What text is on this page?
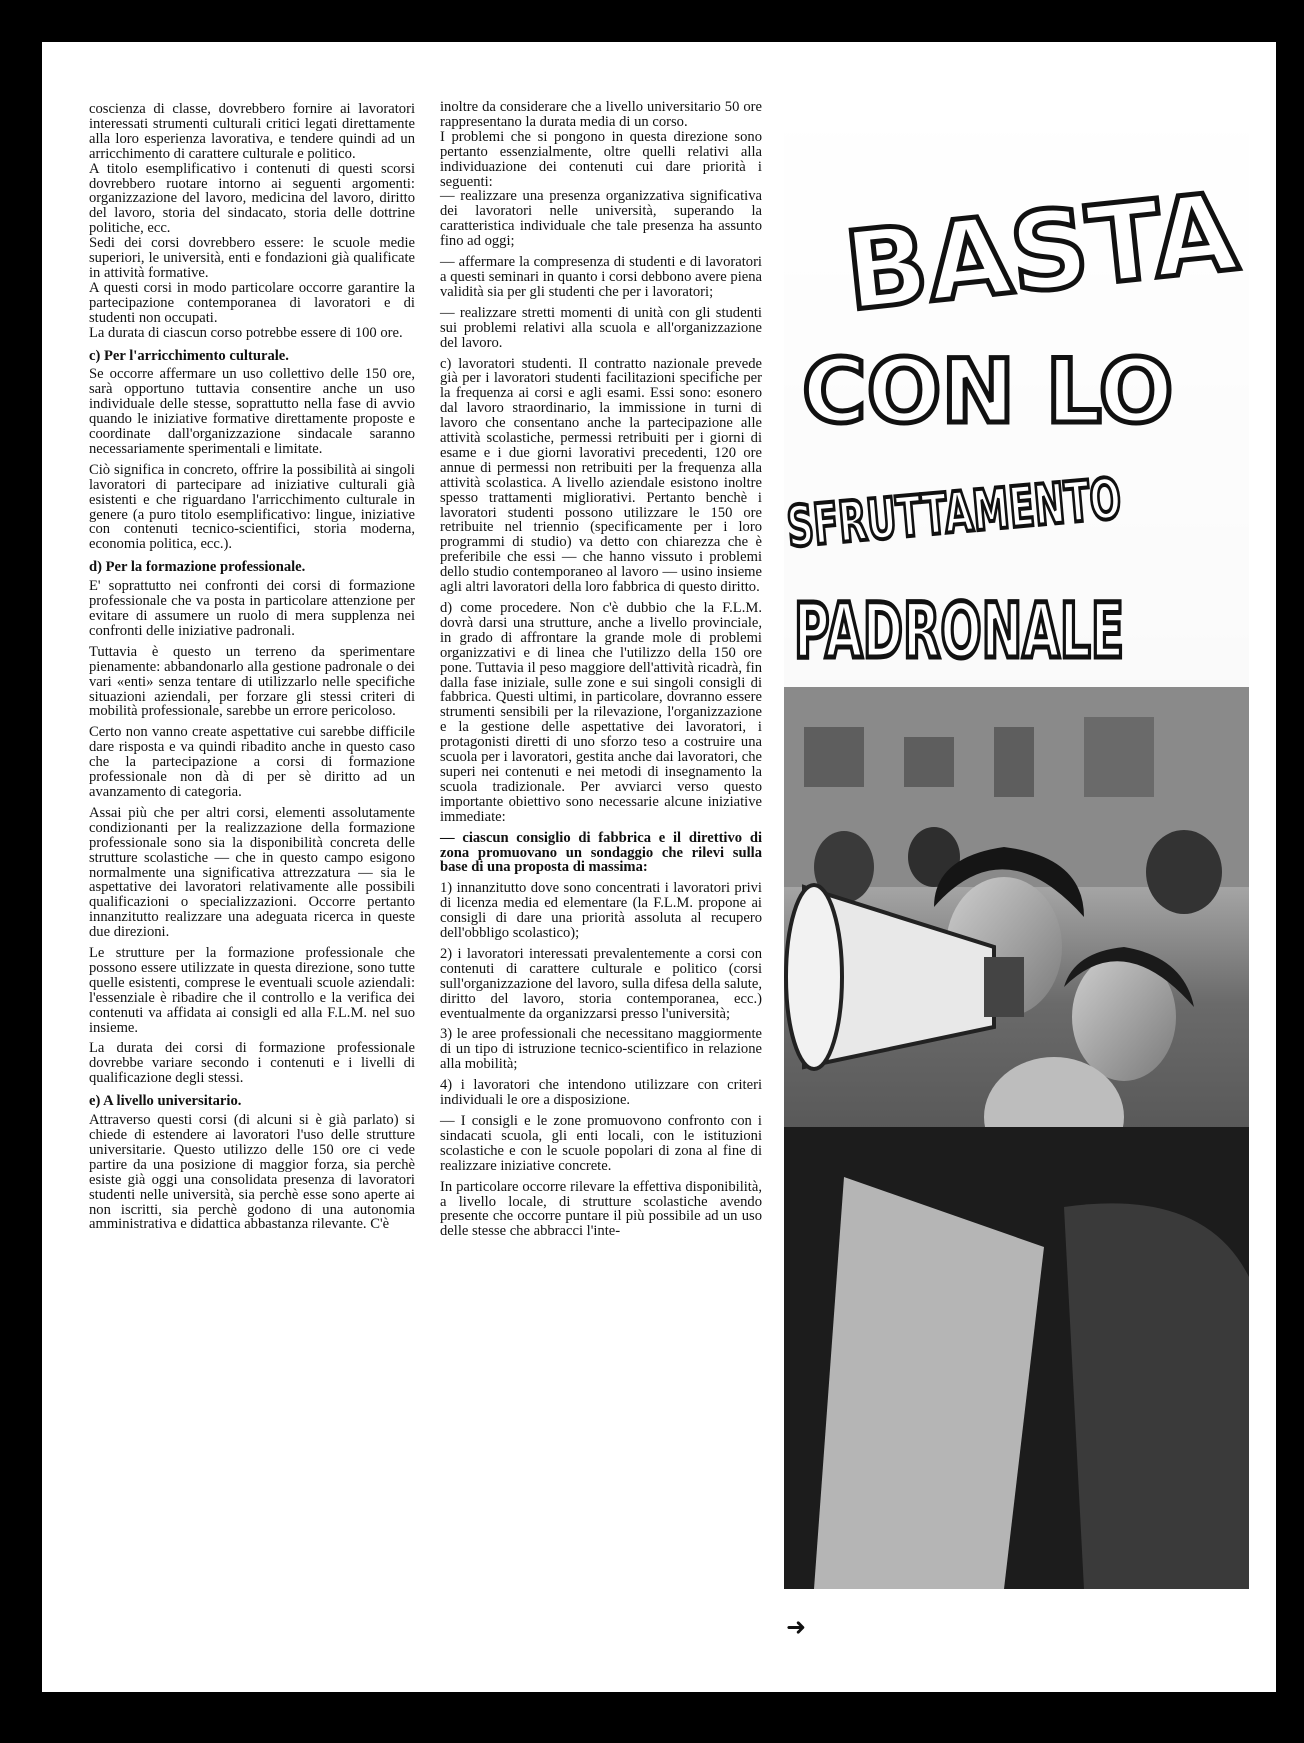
coscienza di classe, dovrebbero fornire ai lavoratori interessati strumenti culturali critici legati direttamente alla loro esperienza lavorativa, e tendere quindi ad un arricchimento di carattere culturale e politico.

A titolo esemplificativo i contenuti di questi scorsi dovrebbero ruotare intorno ai seguenti argomenti: organizzazione del lavoro, medicina del lavoro, diritto del lavoro, storia del sindacato, storia delle dottrine politiche, ecc.

Sedi dei corsi dovrebbero essere: le scuole medie superiori, le università, enti e fondazioni già qualificate in attività formative.

A questi corsi in modo particolare occorre garantire la partecipazione contemporanea di lavoratori e di studenti non occupati.

La durata di ciascun corso potrebbe essere di 100 ore.

c) Per l'arricchimento culturale.

Se occorre affermare un uso collettivo delle 150 ore, sarà opportuno tuttavia consentire anche un uso individuale delle stesse, soprattutto nella fase di avvio quando le iniziative formative direttamente proposte e coordinate dall'organizzazione sindacale saranno necessariamente sperimentali e limitate.

Ciò significa in concreto, offrire la possibilità ai singoli lavoratori di partecipare ad iniziative culturali già esistenti e che riguardano l'arricchimento culturale in genere (a puro titolo esemplificativo: lingue, iniziative con contenuti tecnico-scientifici, storia moderna, economia politica, ecc.).

d) Per la formazione professionale.

E' soprattutto nei confronti dei corsi di formazione professionale che va posta in particolare attenzione per evitare di assumere un ruolo di mera supplenza nei confronti delle iniziative padronali.

Tuttavia è questo un terreno da sperimentare pienamente: abbandonarlo alla gestione padronale o dei vari «enti» senza tentare di utilizzarlo nelle specifiche situazioni aziendali, per forzare gli stessi criteri di mobilità professionale, sarebbe un errore pericoloso.

Certo non vanno create aspettative cui sarebbe difficile dare risposta e va quindi ribadito anche in questo caso che la partecipazione a corsi di formazione professionale non dà di per sè diritto ad un avanzamento di categoria.

Assai più che per altri corsi, elementi assolutamente condizionanti per la realizzazione della formazione professionale sono sia la disponibilità concreta delle strutture scolastiche — che in questo campo esigono normalmente una significativa attrezzatura — sia le aspettative dei lavoratori relativamente alle possibili qualificazioni o specializzazioni. Occorre pertanto innanzitutto realizzare una adeguata ricerca in queste due direzioni.

Le strutture per la formazione professionale che possono essere utilizzate in questa direzione, sono tutte quelle esistenti, comprese le eventuali scuole aziendali: l'essenziale è ribadire che il controllo e la verifica dei contenuti va affidata ai consigli ed alla F.L.M. nel suo insieme.

La durata dei corsi di formazione professionale dovrebbe variare secondo i contenuti e i livelli di qualificazione degli stessi.

e) A livello universitario.

Attraverso questi corsi (di alcuni si è già parlato) si chiede di estendere ai lavoratori l'uso delle strutture universitarie. Questo utilizzo delle 150 ore ci vede partire da una posizione di maggior forza, sia perchè esiste già oggi una consolidata presenza di lavoratori studenti nelle università, sia perchè esse sono aperte ai non iscritti, sia perchè godono di una autonomia amministrativa e didattica abbastanza rilevante. C'è

inoltre da considerare che a livello universitario 50 ore rappresentano la durata media di un corso.

I problemi che si pongono in questa direzione sono pertanto essenzialmente, oltre quelli relativi alla individuazione dei contenuti cui dare priorità i seguenti:

— realizzare una presenza organizzativa significativa dei lavoratori nelle università, superando la caratteristica individuale che tale presenza ha assunto fino ad oggi;

— affermare la compresenza di studenti e di lavoratori a questi seminari in quanto i corsi debbono avere piena validità sia per gli studenti che per i lavoratori;

— realizzare stretti momenti di unità con gli studenti sui problemi relativi alla scuola e all'organizzazione del lavoro.

c) lavoratori studenti. Il contratto nazionale prevede già per i lavoratori studenti facilitazioni specifiche per la frequenza ai corsi e agli esami. Essi sono: esonero dal lavoro straordinario, la immissione in turni di lavoro che consentano anche la partecipazione alle attività scolastiche, permessi retribuiti per i giorni di esame e i due giorni lavorativi precedenti, 120 ore annue di permessi non retribuiti per la frequenza alla attività scolastica. A livello aziendale esistono inoltre spesso trattamenti migliorativi. Pertanto benchè i lavoratori studenti possono utilizzare le 150 ore retribuite nel triennio (specificamente per i loro programmi di studio) va detto con chiarezza che è preferibile che essi — che hanno vissuto i problemi dello studio contemporaneo al lavoro — usino insieme agli altri lavoratori della loro fabbrica di questo diritto.

d) come procedere. Non c'è dubbio che la F.L.M. dovrà darsi una strutture, anche a livello provinciale, in grado di affrontare la grande mole di problemi organizzativi e di linea che l'utilizzo della 150 ore pone. Tuttavia il peso maggiore dell'attività ricadrà, fin dalla fase iniziale, sulle zone e sui singoli consigli di fabbrica. Questi ultimi, in particolare, dovranno essere strumenti sensibili per la rilevazione, l'organizzazione e la gestione delle aspettative dei lavoratori, i protagonisti diretti di uno sforzo teso a costruire una scuola per i lavoratori, gestita anche dai lavoratori, che superi nei contenuti e nei metodi di insegnamento la scuola tradizionale. Per avviarci verso questo importante obiettivo sono necessarie alcune iniziative immediate:

— ciascun consiglio di fabbrica e il direttivo di zona promuovano un sondaggio che rilevi sulla base di una proposta di massima:

1) innanzitutto dove sono concentrati i lavoratori privi di licenza media ed elementare (la F.L.M. propone ai consigli di dare una priorità assoluta al recupero dell'obbligo scolastico);

2) i lavoratori interessati prevalentemente a corsi con contenuti di carattere culturale e politico (corsi sull'organizzazione del lavoro, sulla difesa della salute, diritto del lavoro, storia contemporanea, ecc.) eventualmente da organizzarsi presso l'università;

3) le aree professionali che necessitano maggiormente di un tipo di istruzione tecnico-scientifico in relazione alla mobilità;

4) i lavoratori che intendono utilizzare con criteri individuali le ore a disposizione.

— I consigli e le zone promuovono confronto con i sindacati scuola, gli enti locali, con le istituzioni scolastiche e con le scuole popolari di zona al fine di realizzare iniziative concrete.

In particolare occorre rilevare la effettiva disponibilità, a livello locale, di strutture scolastiche avendo presente che occorre puntare il più possibile ad un uso delle stesse che abbracci l'inte-

BASTA
CON LO
SFRUTTAMENTO
PADRONALE
➜
